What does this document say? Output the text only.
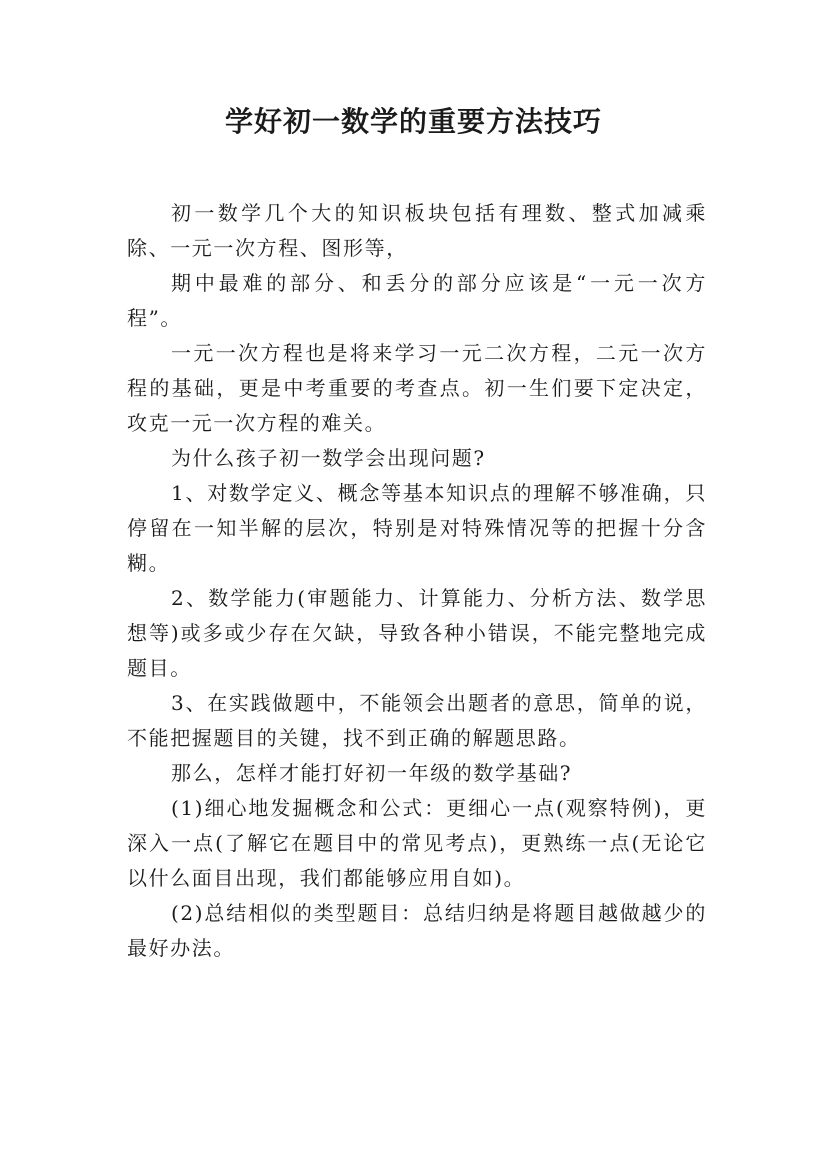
学好初一数学的重要方法技巧

初一数学几个大的知识板块包括有理数、整式加减乘除、一元一次方程、图形等，

期中最难的部分、和丢分的部分应该是“一元一次方程”。

一元一次方程也是将来学习一元二次方程，二元一次方程的基础，更是中考重要的考查点。初一生们要下定决定，攻克一元一次方程的难关。

为什么孩子初一数学会出现问题?

1、对数学定义、概念等基本知识点的理解不够准确，只停留在一知半解的层次，特别是对特殊情况等的把握十分含糊。

2、数学能力(审题能力、计算能力、分析方法、数学思想等)或多或少存在欠缺，导致各种小错误，不能完整地完成题目。

3、在实践做题中，不能领会出题者的意思，简单的说，不能把握题目的关键，找不到正确的解题思路。

那么，怎样才能打好初一年级的数学基础?

(1)细心地发掘概念和公式：更细心一点(观察特例)，更深入一点(了解它在题目中的常见考点)，更熟练一点(无论它以什么面目出现，我们都能够应用自如)。

(2)总结相似的类型题目：总结归纳是将题目越做越少的最好办法。
